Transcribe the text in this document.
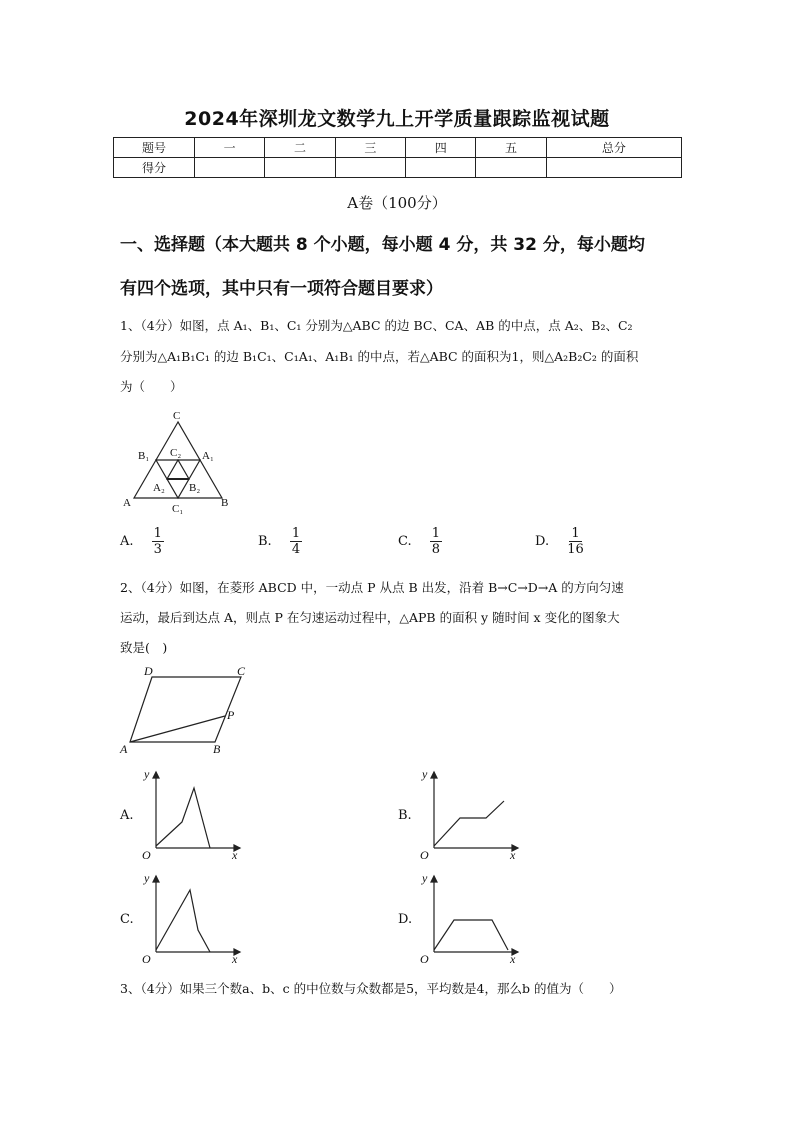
2024年深圳龙文数学九上开学质量跟踪监视试题
题号	一	二	三	四	五	总分
得分						
A卷（100分）
一、选择题（本大题共 8 个小题，每小题 4 分，共 32 分，每小题均
有四个选项，其中只有一项符合题目要求）
1、（4分）如图，点 A₁、B₁、C₁ 分别为△ABC 的边 BC、CA、AB 的中点，点 A₂、B₂、C₂
分别为△A₁B₁C₁ 的边 B₁C₁、C₁A₁、A₁B₁ 的中点，若△ABC 的面积为1，则△A₂B₂C₂ 的面积
为（　　）
C
B₁ C₂ A₁
A₂ B₂
A	B
C₁
A. $\frac{1}{3}$	B. $\frac{1}{4}$	C. $\frac{1}{8}$	D. $\frac{1}{16}$
2、（4分）如图，在菱形 ABCD 中，一动点 P 从点 B 出发，沿着 B→C→D→A 的方向匀速
运动，最后到达点 A，则点 P 在匀速运动过程中，△APB 的面积 y 随时间 x 变化的图象大
致是(　)
D	C
P
A	B
A.
y
x
O
B.
y
x
O
C.
y
x
O
D.
y
x
O
3、（4分）如果三个数a、b、c 的中位数与众数都是5，平均数是4，那么b 的值为（　　）
